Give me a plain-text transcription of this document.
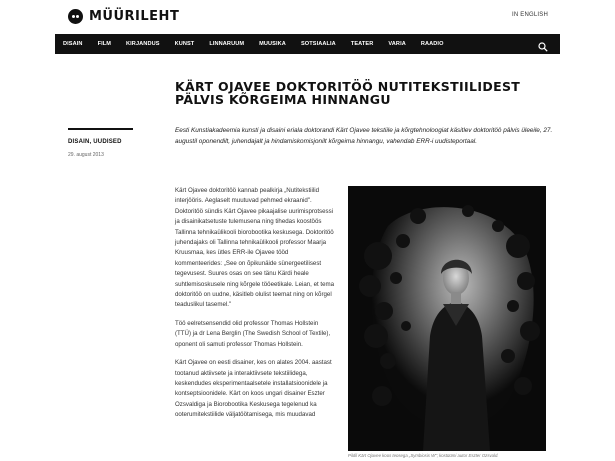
MÜÜRILEHT	IN ENGLISH
DISAIN	FILM	KIRJANDUS	KUNST	LINNARUUM	MUUSIKA	SOTSIAALIA	TEATER	VARIA	RAADIO
KÄRT OJAVEE DOKTORITÖÖ NUTITEKSTIILIDEST
PÄLVIS KÕRGEIMA HINNANGU
DISAIN, UUDISED
29. august 2013

Eesti Kunstiakadeemia kunsti ja disaini eriala doktorandi Kärt Ojavee tekstiile ja kõrgtehnoloogiat käsitlev doktoritöö pälvis üleeile, 27. augustil oponendilt, juhendajalt ja hindamiskomisjonilt kõrgeima hinnangu, vahendab ERR-i uudisteportaal.

Kärt Ojavee doktoritöö kannab pealkirja „Nutitekstiilid interjööris. Aeglaselt muutuvad pehmed ekraanid". Doktoritöö sündis Kärt Ojavee pikaajalise uurimisprotsessi ja disainikatsetuste tulemusena ning tihedas koostöös Tallinna tehnikaülikooli biorobootika keskusega. Doktoritöö juhendajaks oli Tallinna tehnikaülikooli professor Maarja Kruusmaa, kes ütles ERR-ile Ojavee tööd kommenteerides: „See on õpikunäide sünergeetilisest tegevusest. Suures osas on see tänu Kärdi heale suhtlemisoskusele ning kõrgele tööeetikale. Leian, et tema doktoritöö on uudne, käsitleb olulist teemat ning on kõrgel teaduslikul tasemel."

Töö eelretsensendid olid professor Thomas Hollstein (TTÜ) ja dr Lena Berglin (The Swedish School of Textile), oponent oli samuti professor Thomas Hollstein.

Kärt Ojavee on eesti disainer, kes on alates 2004. aastast tootanud aktiivsete ja interaktiivsete tekstiilidega, keskendudes eksperimentaalsetele installatsioonidele ja kontseptsioonidele. Kärt on koos ungari disainer Eszter Ozsvaldiga ja Biorobootika Keskusega tegelenud ka ooterumitekstiilide väljatöötamisega, mis muudavad

Pildil Kärt Ojavee koos teosega „Symbiosis W"; kostüümi autor Eszter Ozsvald.
